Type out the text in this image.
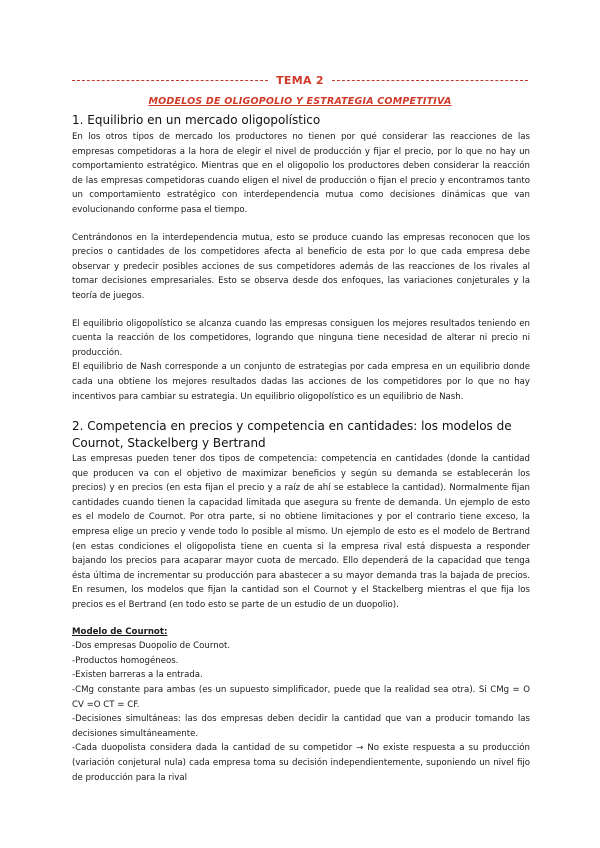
TEMA 2
MODELOS DE OLIGOPOLIO Y ESTRATEGIA COMPETITIVA
1. Equilibrio en un mercado oligopolístico

En los otros tipos de mercado los productores no tienen por qué considerar las reacciones de las empresas competidoras a la hora de elegir el nivel de producción y fijar el precio, por lo que no hay un comportamiento estratégico. Mientras que en el oligopolio los productores deben considerar la reacción de las empresas competidoras cuando eligen el nivel de producción o fijan el precio y encontramos tanto un comportamiento estratégico con interdependencia mutua como decisiones dinámicas que van evolucionando conforme pasa el tiempo.

Centrándonos en la interdependencia mutua, esto se produce cuando las empresas reconocen que los precios o cantidades de los competidores afecta al beneficio de esta por lo que cada empresa debe observar y predecir posibles acciones de sus competidores además de las reacciones de los rivales al tomar decisiones empresariales. Esto se observa desde dos enfoques, las variaciones conjeturales y la teoría de juegos.

El equilibrio oligopolístico se alcanza cuando las empresas consiguen los mejores resultados teniendo en cuenta la reacción de los competidores, logrando que ninguna tiene necesidad de alterar ni precio ni producción.

El equilibrio de Nash corresponde a un conjunto de estrategias por cada empresa en un equilibrio donde cada una obtiene los mejores resultados dadas las acciones de los competidores por lo que no hay incentivos para cambiar su estrategia. Un equilibrio oligopolístico es un equilibrio de Nash.

2. Competencia en precios y competencia en cantidades: los modelos de Cournot, Stackelberg y Bertrand

Las empresas pueden tener dos tipos de competencia: competencia en cantidades (donde la cantidad que producen va con el objetivo de maximizar beneficios y según su demanda se establecerán los precios) y en precios (en esta fijan el precio y a raíz de ahí se establece la cantidad). Normalmente fijan cantidades cuando tienen la capacidad limitada que asegura su frente de demanda. Un ejemplo de esto es el modelo de Cournot. Por otra parte, si no obtiene limitaciones y por el contrario tiene exceso, la empresa elige un precio y vende todo lo posible al mismo. Un ejemplo de esto es el modelo de Bertrand (en estas condiciones el oligopolista tiene en cuenta si la empresa rival está dispuesta a responder bajando los precios para acaparar mayor cuota de mercado. Ello dependerá de la capacidad que tenga ésta última de incrementar su producción para abastecer a su mayor demanda tras la bajada de precios. En resumen, los modelos que fijan la cantidad son el Cournot y el Stackelberg mientras el que fija los precios es el Bertrand (en todo esto se parte de un estudio de un duopolio).

Modelo de Cournot:
-Dos empresas Duopolio de Cournot.
-Productos homogéneos.
-Existen barreras a la entrada.
-CMg constante para ambas (es un supuesto simplificador, puede que la realidad sea otra). Si CMg = O CV =O CT = CF.
-Decisiones simultáneas: las dos empresas deben decidir la cantidad que van a producir tomando las decisiones simultáneamente.
-Cada duopolista considera dada la cantidad de su competidor → No existe respuesta a su producción (variación conjetural nula) cada empresa toma su decisión independientemente, suponiendo un nivel fijo de producción para la rival
